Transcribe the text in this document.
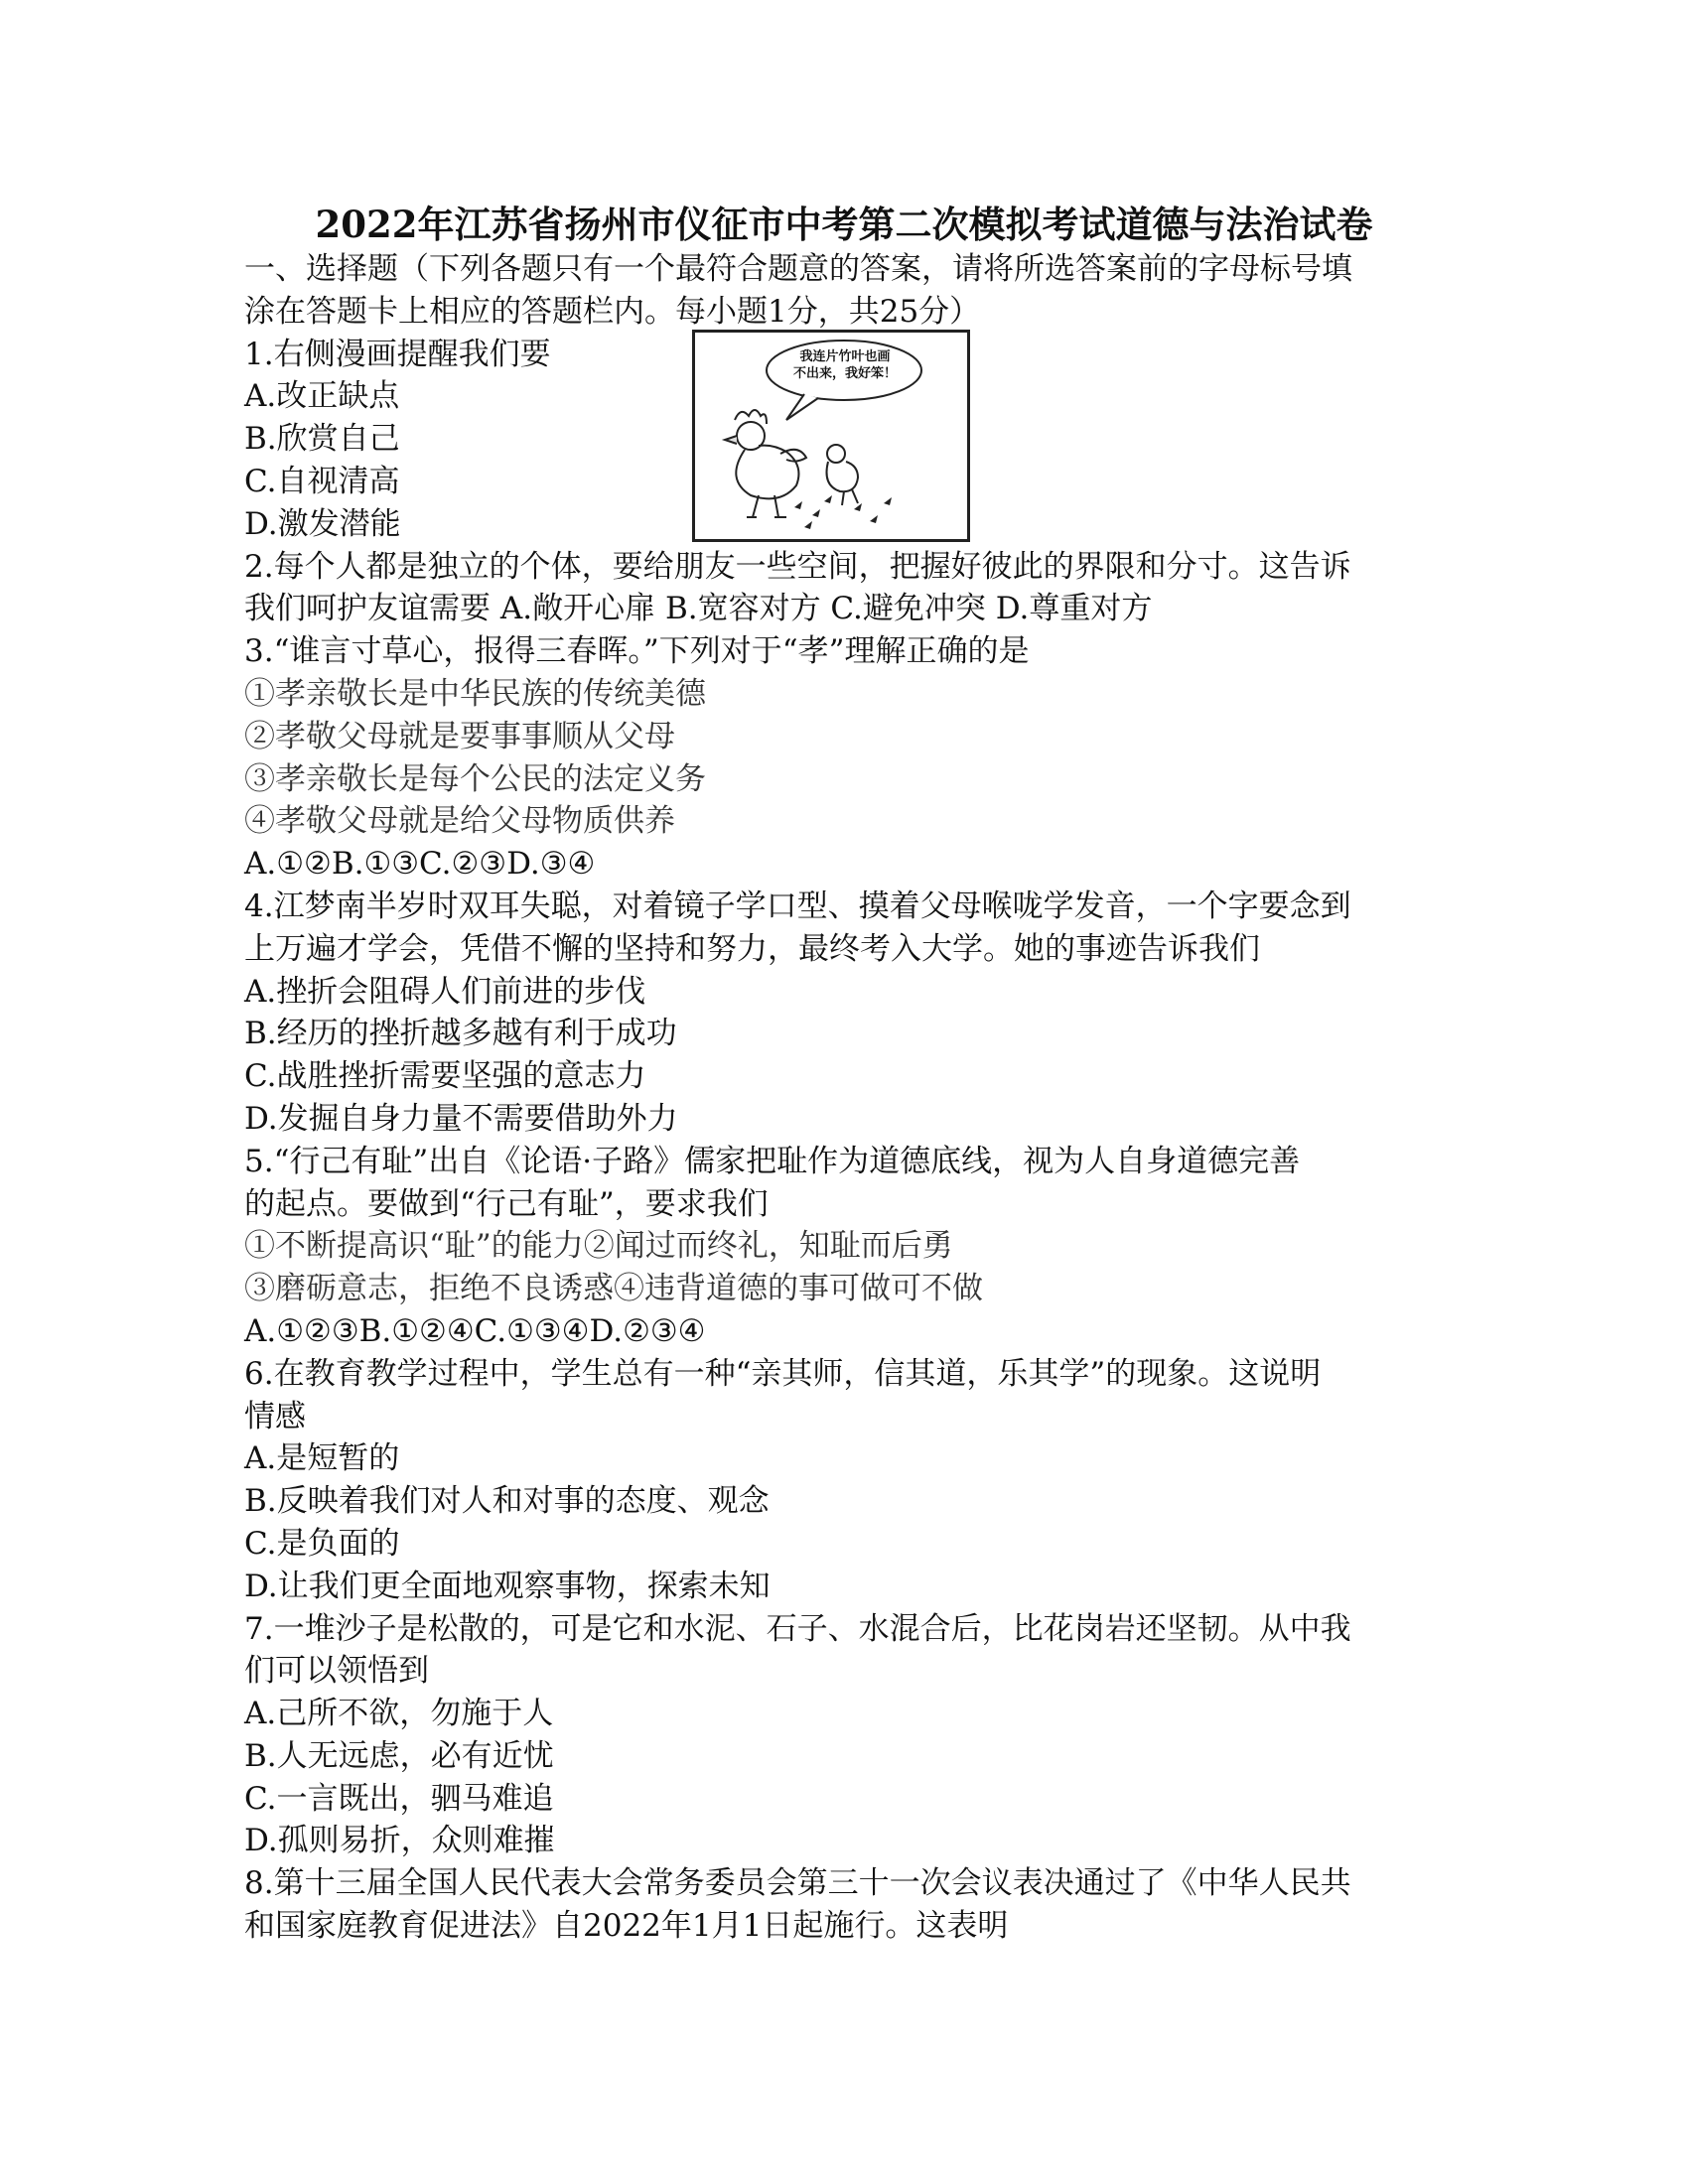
2022年江苏省扬州市仪征市中考第二次模拟考试道德与法治试卷
一、选择题（下列各题只有一个最符合题意的答案，请将所选答案前的字母标号填
涂在答题卡上相应的答题栏内。每小题1分，共25分）
1.右侧漫画提醒我们要
A.改正缺点
B.欣赏自己
C.自视清高
D.激发潜能
2.每个人都是独立的个体，要给朋友一些空间，把握好彼此的界限和分寸。这告诉
我们呵护友谊需要 A.敞开心扉 B.宽容对方 C.避免冲突 D.尊重对方
3.“谁言寸草心，报得三春晖。”下列对于“孝”理解正确的是
①孝亲敬长是中华民族的传统美德
②孝敬父母就是要事事顺从父母
③孝亲敬长是每个公民的法定义务
④孝敬父母就是给父母物质供养
A.①②B.①③C.②③D.③④
4.江梦南半岁时双耳失聪，对着镜子学口型、摸着父母喉咙学发音，一个字要念到
上万遍才学会，凭借不懈的坚持和努力，最终考入大学。她的事迹告诉我们
A.挫折会阻碍人们前进的步伐
B.经历的挫折越多越有利于成功
C.战胜挫折需要坚强的意志力
D.发掘自身力量不需要借助外力
5.“行己有耻”出自《论语·子路》儒家把耻作为道德底线，视为人自身道德完善
的起点。要做到“行己有耻”，要求我们
①不断提高识“耻”的能力②闻过而终礼，知耻而后勇
③磨砺意志，拒绝不良诱惑④违背道德的事可做可不做
A.①②③B.①②④C.①③④D.②③④
6.在教育教学过程中，学生总有一种“亲其师，信其道，乐其学”的现象。这说明
情感
A.是短暂的
B.反映着我们对人和对事的态度、观念
C.是负面的
D.让我们更全面地观察事物，探索未知
7.一堆沙子是松散的，可是它和水泥、石子、水混合后，比花岗岩还坚韧。从中我
们可以领悟到
A.己所不欲，勿施于人
B.人无远虑，必有近忧
C.一言既出，驷马难追
D.孤则易折，众则难摧
8.第十三届全国人民代表大会常务委员会第三十一次会议表决通过了《中华人民共
和国家庭教育促进法》自2022年1月1日起施行。这表明
我连片竹叶也画
不出来，我好笨！
